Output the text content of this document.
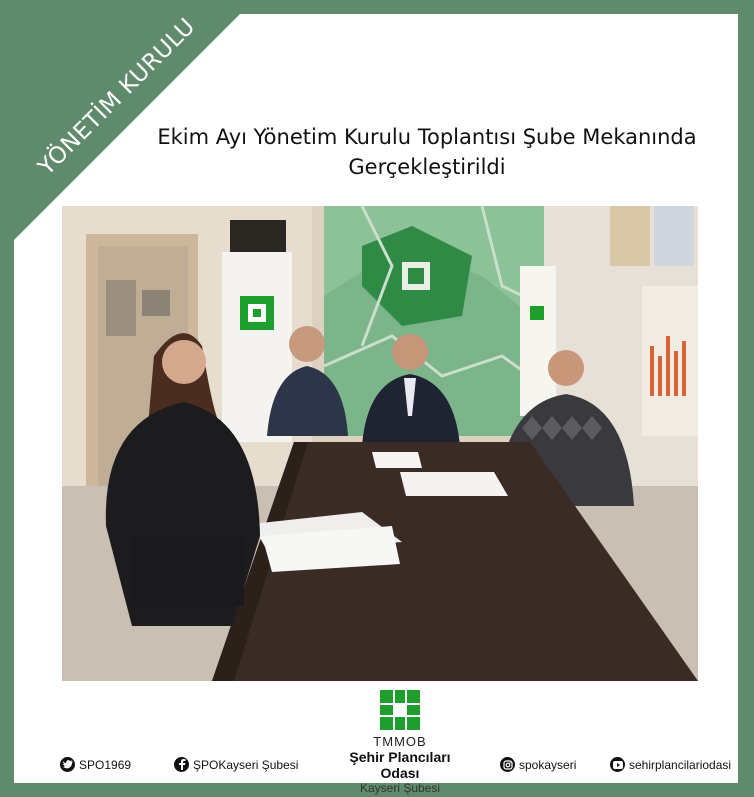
YÖNETİM KURULU
Ekim Ayı Yönetim Kurulu Toplantısı Şube Mekanında
Gerçekleştirildi
TMMOB
Şehir Plancıları Odası
Kayseri Şubesi
SPO1969	ŞPOKayseri Şubesi	spokayseri	sehirplancilariodasi
